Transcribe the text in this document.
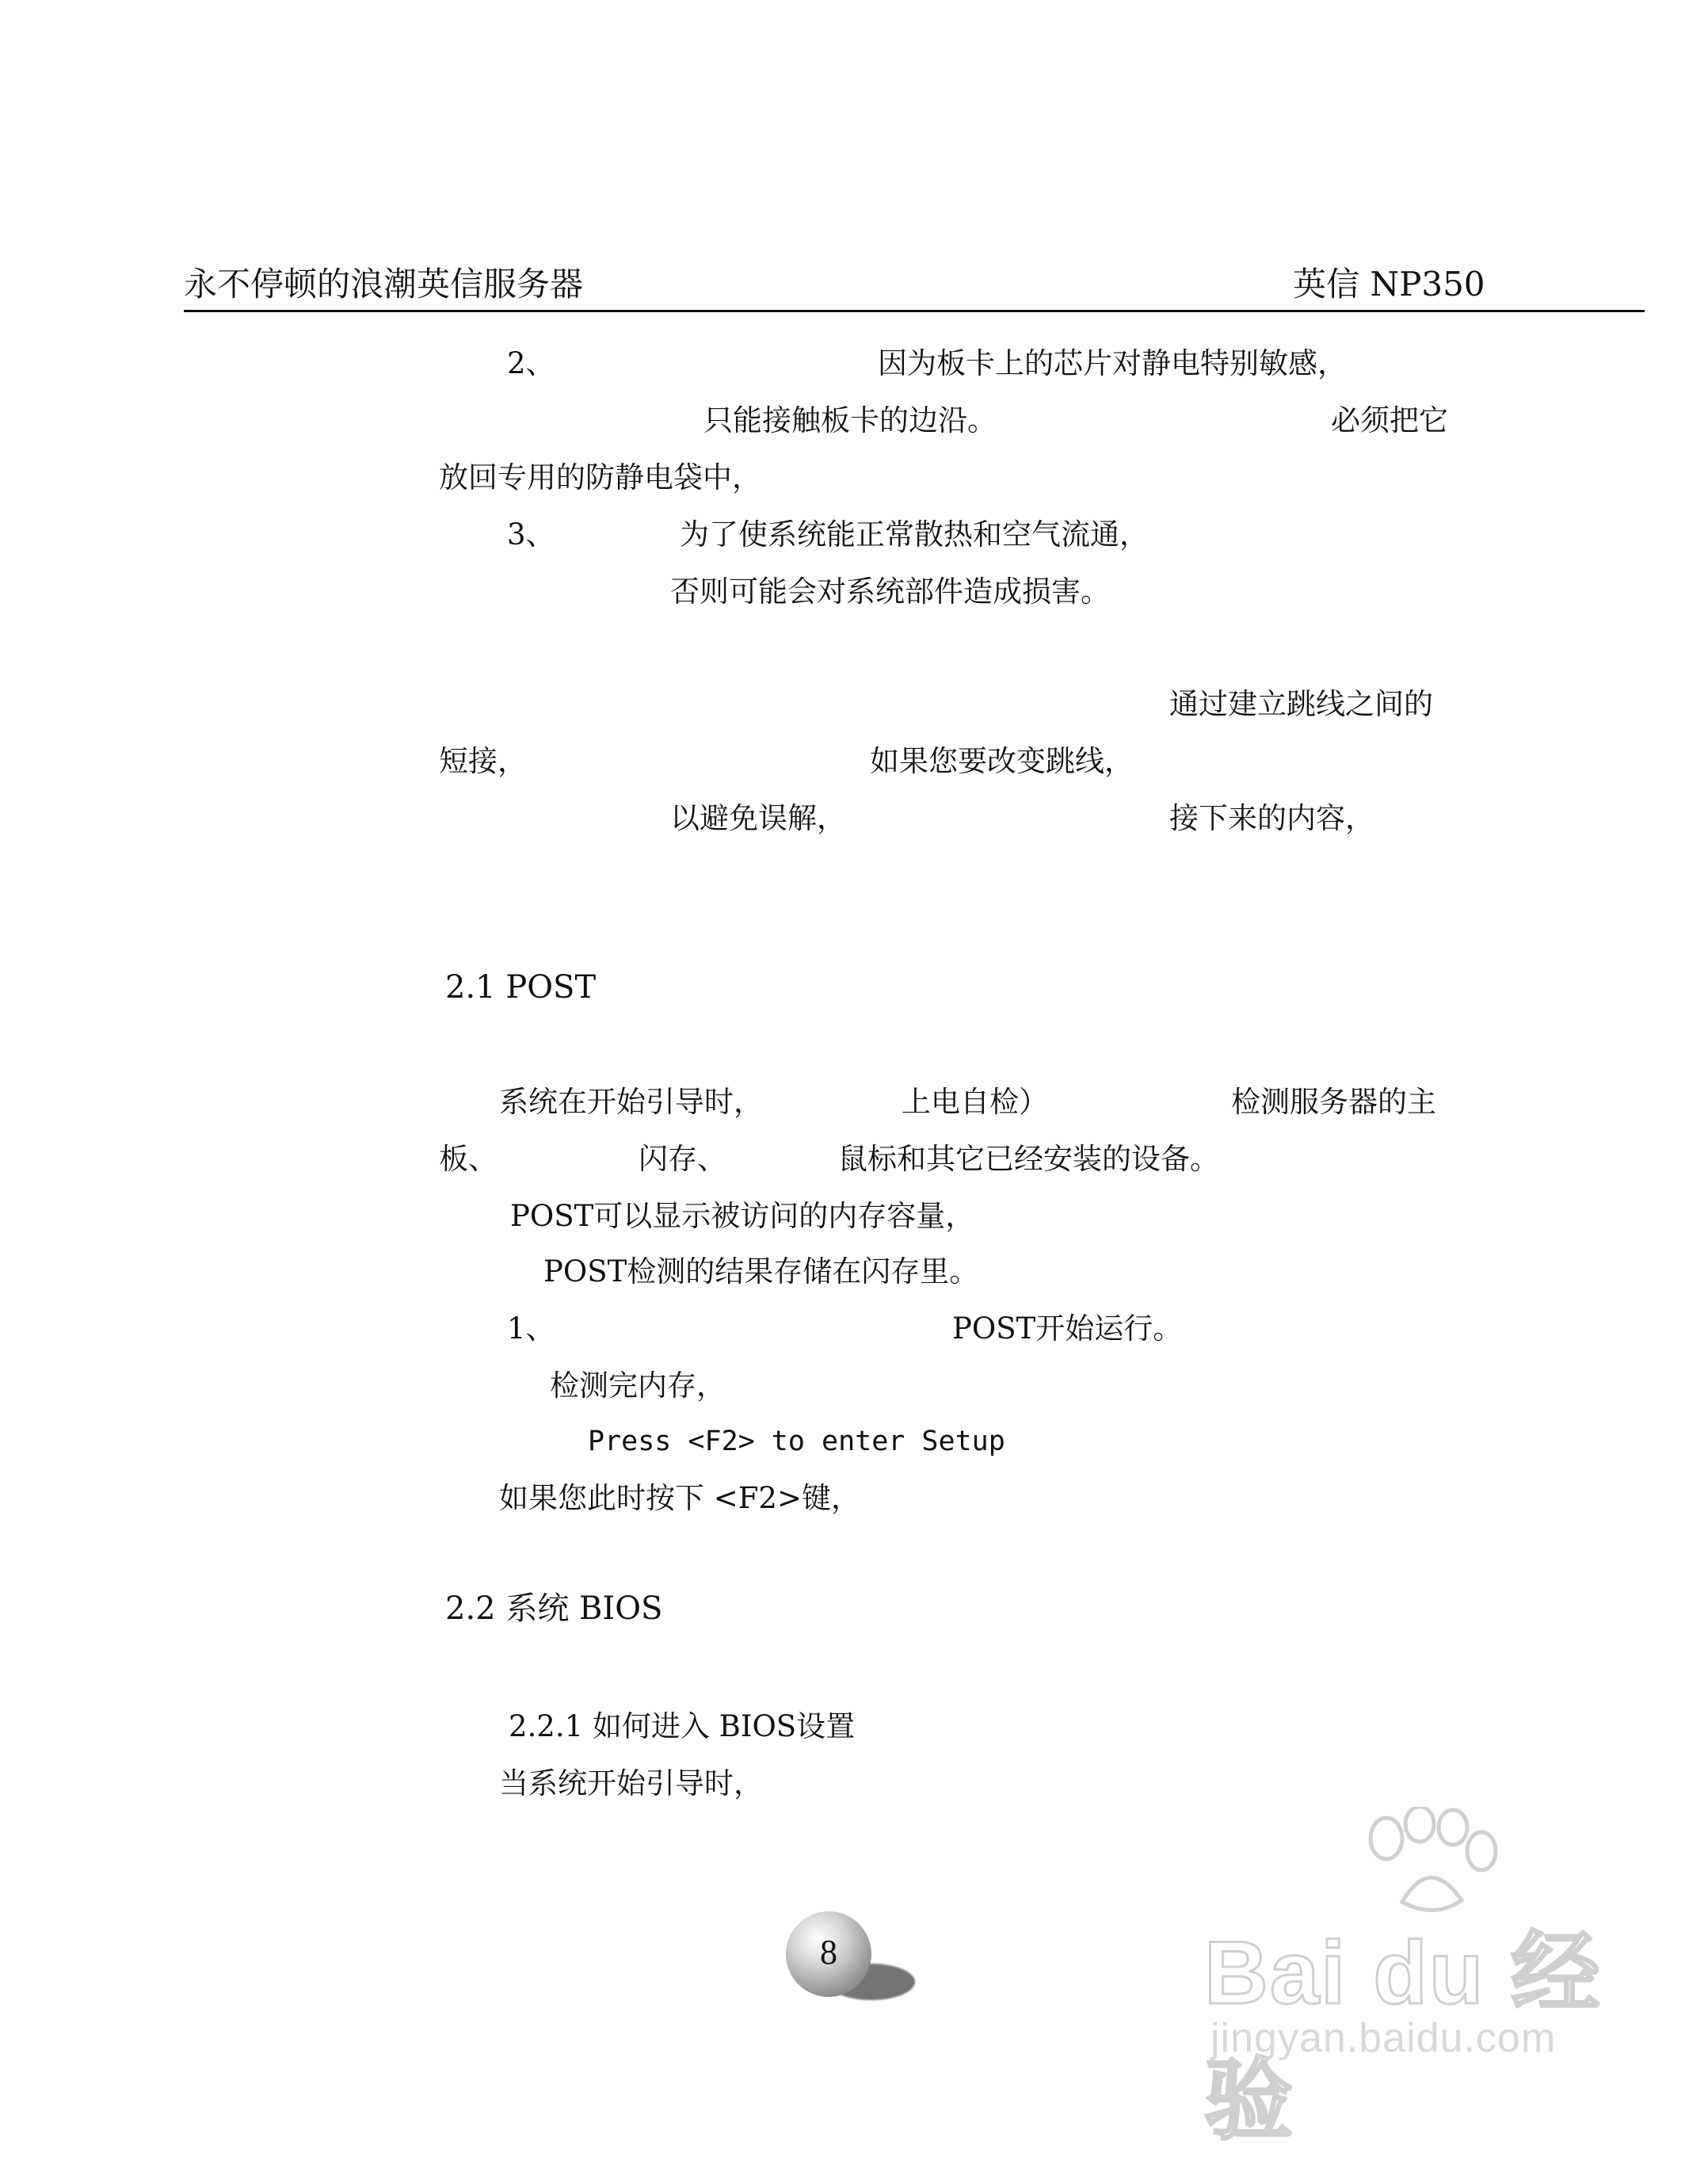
永不停顿的浪潮英信服务器	英信 NP350
2、	因为板卡上的芯片对静电特别敏感，
只能接触板卡的边沿。	必须把它
放回专用的防静电袋中，
3、	为了使系统能正常散热和空气流通，
否则可能会对系统部件造成损害。
通过建立跳线之间的
短接，	如果您要改变跳线，
以避免误解，	接下来的内容，
2.1 POST
系统在开始引导时，	上电自检）	检测服务器的主
板、	闪存、	鼠标和其它已经安装的设备。
POST可以显示被访问的内存容量，
POST检测的结果存储在闪存里。
1、	POST开始运行。
检测完内存，
Press <F2> to enter Setup
如果您此时按下 <F2>键，
2.2 系统 BIOS
2.2.1 如何进入 BIOS设置
当系统开始引导时，
8	Bai du 经验
jingyan.baidu.com
